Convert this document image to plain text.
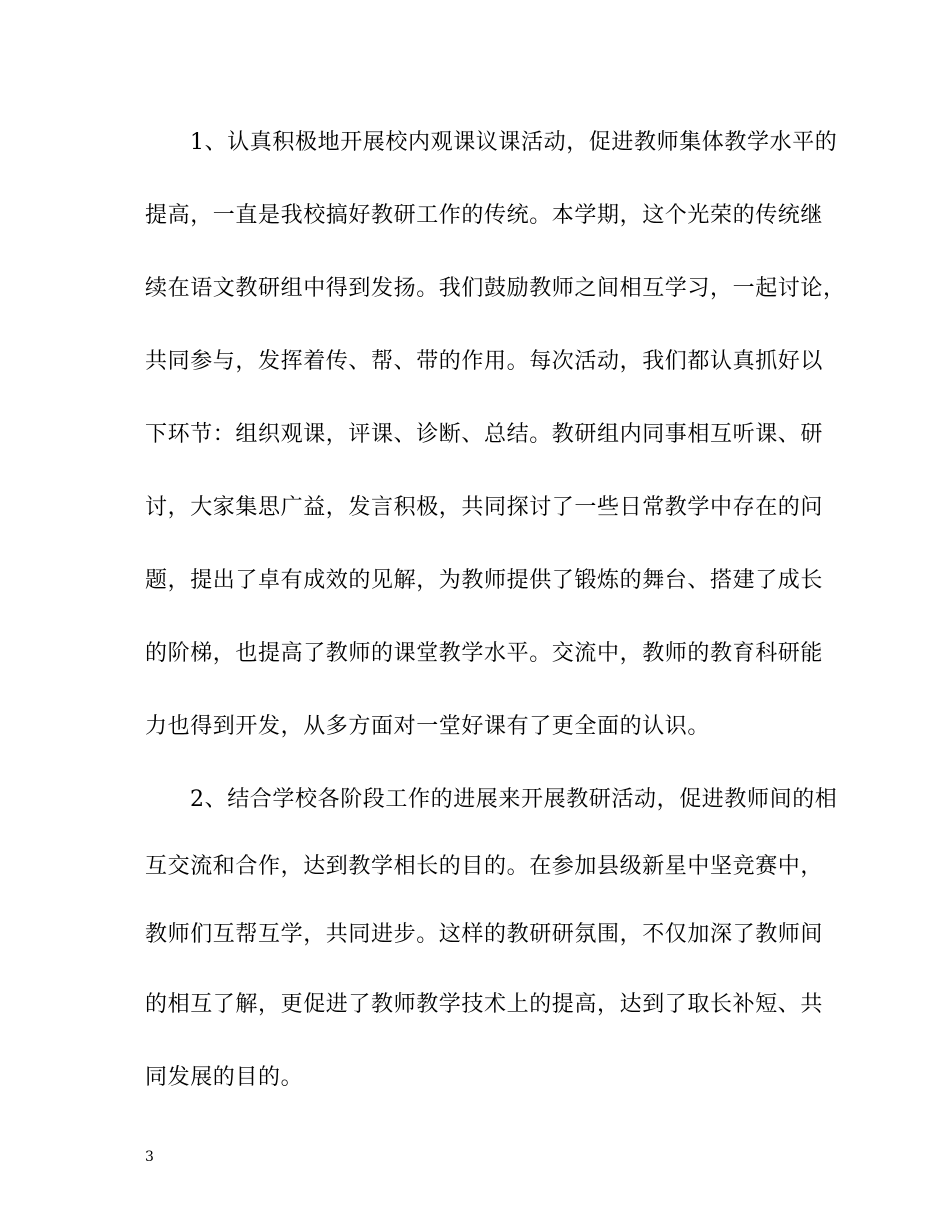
1、认真积极地开展校内观课议课活动，促进教师集体教学水平的
提高，一直是我校搞好教研工作的传统。本学期，这个光荣的传统继
续在语文教研组中得到发扬。我们鼓励教师之间相互学习，一起讨论，
共同参与，发挥着传、帮、带的作用。每次活动，我们都认真抓好以
下环节：组织观课，评课、诊断、总结。教研组内同事相互听课、研
讨，大家集思广益，发言积极，共同探讨了一些日常教学中存在的问
题，提出了卓有成效的见解，为教师提供了锻炼的舞台、搭建了成长
的阶梯，也提高了教师的课堂教学水平。交流中，教师的教育科研能
力也得到开发，从多方面对一堂好课有了更全面的认识。
2、结合学校各阶段工作的进展来开展教研活动，促进教师间的相
互交流和合作，达到教学相长的目的。在参加县级新星中坚竞赛中，
教师们互帮互学，共同进步。这样的教研研氛围，不仅加深了教师间
的相互了解，更促进了教师教学技术上的提高，达到了取长补短、共
同发展的目的。
3
